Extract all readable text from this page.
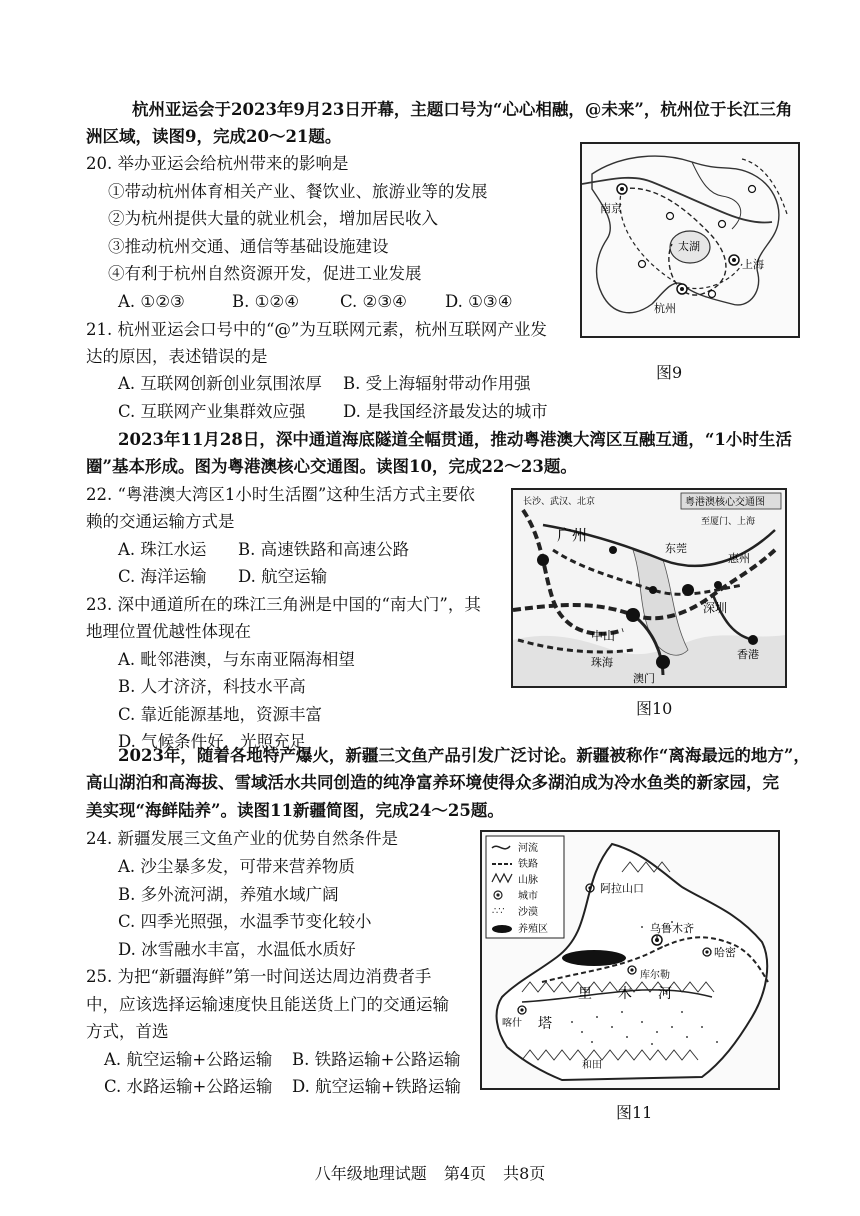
杭州亚运会于2023年9月23日开幕，主题口号为“心心相融，@未来”，杭州位于长江三角
洲区域，读图9，完成20～21题。
20. 举办亚运会给杭州带来的影响是
①带动杭州体育相关产业、餐饮业、旅游业等的发展
②为杭州提供大量的就业机会，增加居民收入
③推动杭州交通、通信等基础设施建设
④有利于杭州自然资源开发，促进工业发展
A. ①②③	B. ①②④ C. ②③④ D. ①③④
21. 杭州亚运会口号中的“@”为互联网元素，杭州互联网产业发
达的原因，表述错误的是
A. 互联网创新创业氛围浓厚 B. 受上海辐射带动作用强
C. 互联网产业集群效应强 D. 是我国经济最发达的城市
南京
太湖
上海
杭州
图9
2023年11月28日，深中通道海底隧道全幅贯通，推动粤港澳大湾区互融互通，“1小时生活
圈”基本形成。图为粤港澳核心交通图。读图10，完成22～23题。
22. “粤港澳大湾区1小时生活圈”这种生活方式主要依
赖的交通运输方式是
A. 珠江水运 B. 高速铁路和高速公路
C. 海洋运输 D. 航空运输
23. 深中通道所在的珠江三角洲是中国的“南大门”，其
地理位置优越性体现在
A. 毗邻港澳，与东南亚隔海相望
B. 人才济济，科技水平高
C. 靠近能源基地，资源丰富
D. 气候条件好，光照充足
粤港澳核心交通图
长沙、武汉、北京
至厦门、上海
广州
东莞
惠州
深圳
中山
珠海
澳门
香港
图10
2023年，随着各地特产爆火，新疆三文鱼产品引发广泛讨论。新疆被称作“离海最远的地方”，
高山湖泊和高海拔、雪域活水共同创造的纯净富养环境使得众多湖泊成为冷水鱼类的新家园，完
美实现“海鲜陆养”。读图11新疆简图，完成24～25题。
24. 新疆发展三文鱼产业的优势自然条件是
A. 沙尘暴多发，可带来营养物质
B. 多外流河湖，养殖水域广阔
C. 四季光照强，水温季节变化较小
D. 冰雪融水丰富，水温低水质好
25. 为把“新疆海鲜”第一时间送达周边消费者手
中，应该选择运输速度快且能送货上门的交通运输
方式，首选
A. 航空运输+公路运输 B. 铁路运输+公路运输
C. 水路运输+公路运输 D. 航空运输+铁路运输
河流
铁路
山脉
城市
∴∵ 沙漠
养殖区
阿拉山口
乌鲁木齐
哈密
库尔勒
里 木 河
塔
喀什
和田
图11
八年级地理试题 第4页 共8页
